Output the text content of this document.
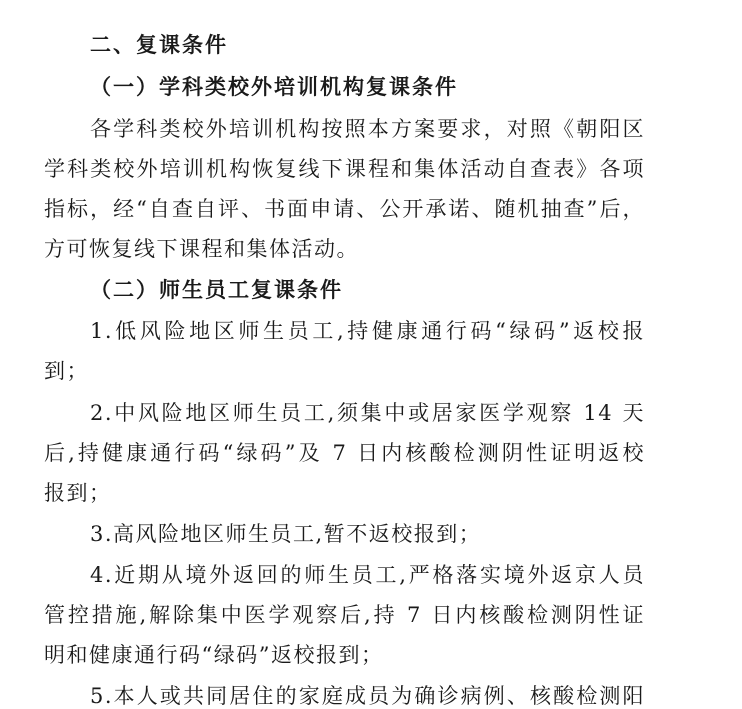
二、复课条件
（一）学科类校外培训机构复课条件
各学科类校外培训机构按照本方案要求，对照《朝阳区
学科类校外培训机构恢复线下课程和集体活动自查表》各项
指标，经“自查自评、书面申请、公开承诺、随机抽查”后，
方可恢复线下课程和集体活动。
（二）师生员工复课条件
1.低风险地区师生员工,持健康通行码“绿码”返校报
到；
2.中风险地区师生员工,须集中或居家医学观察 14 天
后,持健康通行码“绿码”及 7 日内核酸检测阴性证明返校
报到；
3.高风险地区师生员工,暂不返校报到；
4.近期从境外返回的师生员工,严格落实境外返京人员
管控措施,解除集中医学观察后,持 7 日内核酸检测阴性证
明和健康通行码“绿码”返校报到；
5.本人或共同居住的家庭成员为确诊病例、核酸检测阳
